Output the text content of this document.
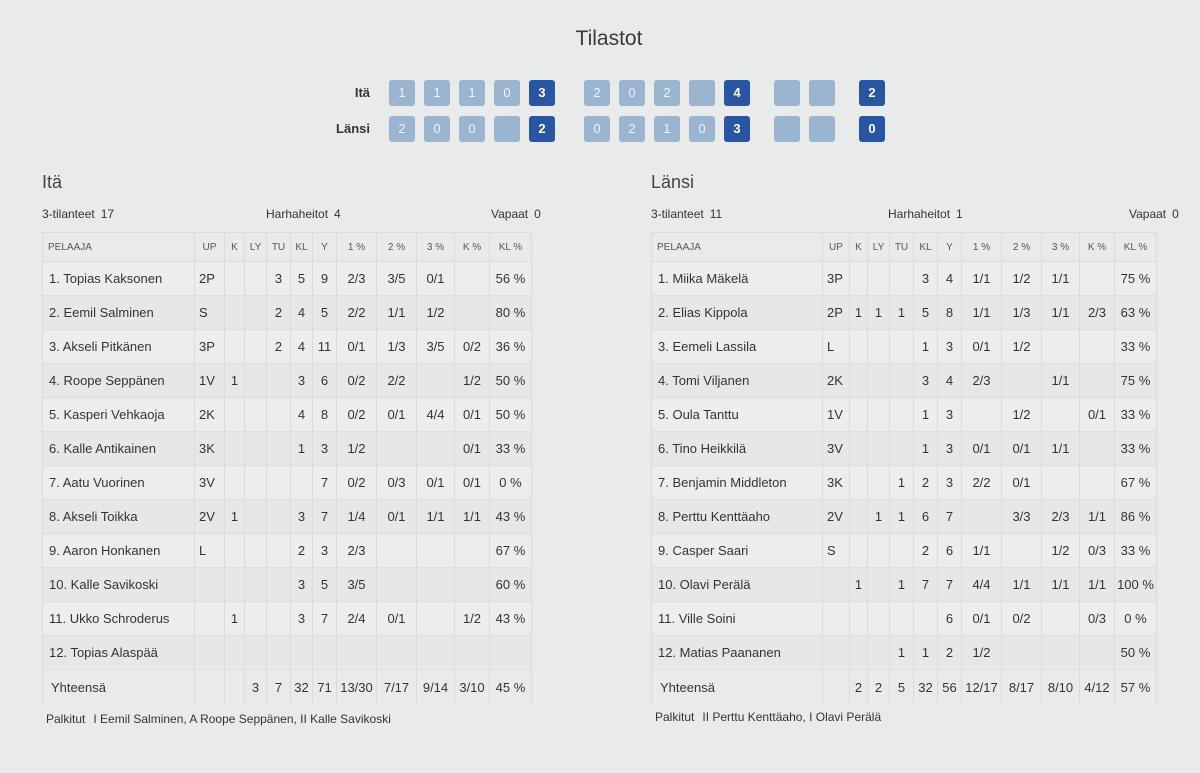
Tilastot
Itä	1	1	1	0	3	2	0	2	4	2
Länsi	2	0	0	2	0	2	1	0	3	0
Itä
3-tilanteet 17	Harhaheitot 4	Vapaat 0
PELAAJA	UP	K	LY	TU	KL	Y	1 %	2 %	3 %	K %	KL %
1. Topias Kaksonen	2P			3	5	9	2/3	3/5	0/1		56 %
2. Eemil Salminen	S			2	4	5	2/2	1/1	1/2		80 %
3. Akseli Pitkänen	3P			2	4	11	0/1	1/3	3/5	0/2	36 %
4. Roope Seppänen	1V	1			3	6	0/2	2/2		1/2	50 %
5. Kasperi Vehkaoja	2K				4	8	0/2	0/1	4/4	0/1	50 %
6. Kalle Antikainen	3K				1	3	1/2			0/1	33 %
7. Aatu Vuorinen	3V					7	0/2	0/3	0/1	0/1	0 %
8. Akseli Toikka	2V	1			3	7	1/4	0/1	1/1	1/1	43 %
9. Aaron Honkanen	L				2	3	2/3				67 %
10. Kalle Savikoski					3	5	3/5				60 %
11. Ukko Schroderus		1			3	7	2/4	0/1		1/2	43 %
12. Topias Alaspää											
Yhteensä			3	7	32	71	13/30	7/17	9/14	3/10	45 %
Palkitut I Eemil Salminen, A Roope Seppänen, II Kalle Savikoski
Länsi
3-tilanteet 11	Harhaheitot 1	Vapaat 0
PELAAJA	UP	K	LY	TU	KL	Y	1 %	2 %	3 %	K %	KL %
1. Miika Mäkelä	3P				3	4	1/1	1/2	1/1		75 %
2. Elias Kippola	2P	1	1	1	5	8	1/1	1/3	1/1	2/3	63 %
3. Eemeli Lassila	L				1	3	0/1	1/2			33 %
4. Tomi Viljanen	2K				3	4	2/3		1/1		75 %
5. Oula Tanttu	1V				1	3		1/2		0/1	33 %
6. Tino Heikkilä	3V				1	3	0/1	0/1	1/1		33 %
7. Benjamin Middleton	3K			1	2	3	2/2	0/1			67 %
8. Perttu Kenttäaho	2V		1	1	6	7		3/3	2/3	1/1	86 %
9. Casper Saari	S				2	6	1/1		1/2	0/3	33 %
10. Olavi Perälä		1		1	7	7	4/4	1/1	1/1	1/1	100 %
11. Ville Soini						6	0/1	0/2		0/3	0 %
12. Matias Paananen				1	1	2	1/2				50 %
Yhteensä		2	2	5	32	56	12/17	8/17	8/10	4/12	57 %
Palkitut II Perttu Kenttäaho, I Olavi Perälä
